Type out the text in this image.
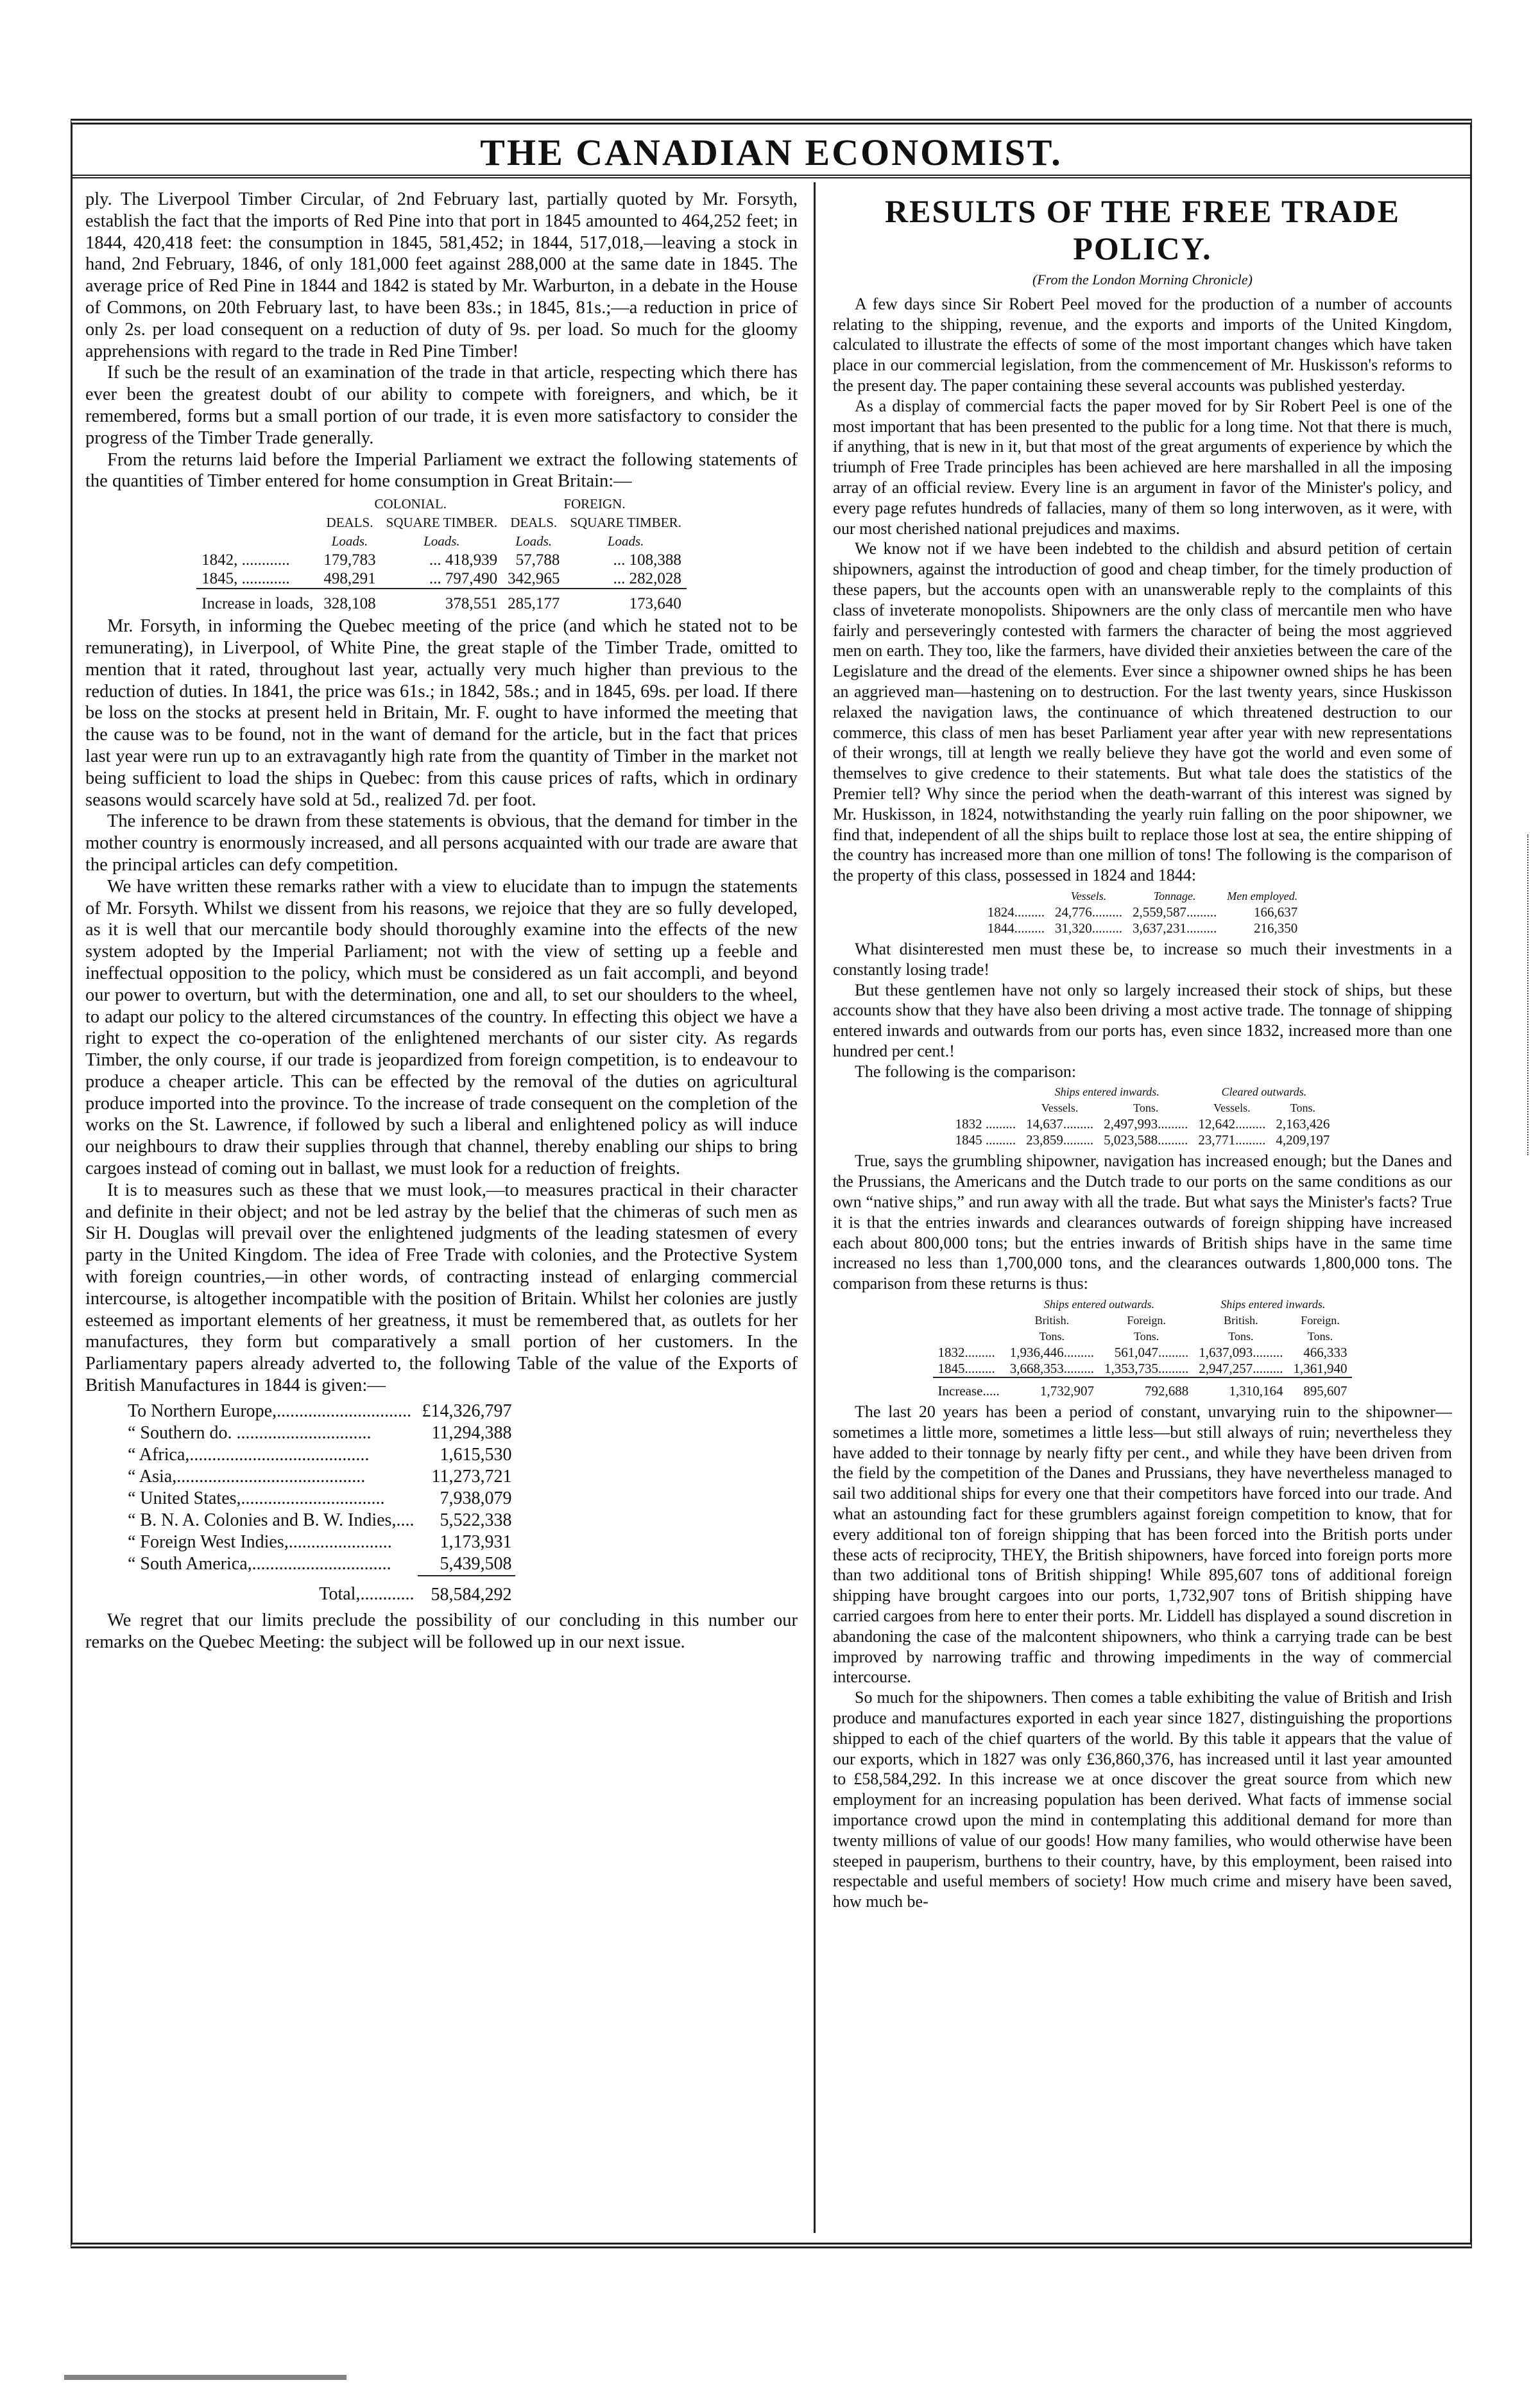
THE CANADIAN ECONOMIST.

ply. The Liverpool Timber Circular, of 2nd February last, partially quoted by Mr. Forsyth, establish the fact that the imports of Red Pine into that port in 1845 amounted to 464,252 feet; in 1844, 420,418 feet: the consumption in 1845, 581,452; in 1844, 517,018,—leaving a stock in hand, 2nd February, 1846, of only 181,000 feet against 288,000 at the same date in 1845. The average price of Red Pine in 1844 and 1842 is stated by Mr. Warburton, in a debate in the House of Commons, on 20th February last, to have been 83s.; in 1845, 81s.;—a reduction in price of only 2s. per load consequent on a reduction of duty of 9s. per load. So much for the gloomy apprehensions with regard to the trade in Red Pine Timber!

If such be the result of an examination of the trade in that article, respecting which there has ever been the greatest doubt of our ability to compete with foreigners, and which, be it remembered, forms but a small portion of our trade, it is even more satisfactory to consider the progress of the Timber Trade generally.

From the returns laid before the Imperial Parliament we extract the following statements of the quantities of Timber entered for home consumption in Great Britain:—

	COLONIAL.		FOREIGN.	
	DEALS.	SQUARE TIMBER.	DEALS.	SQUARE TIMBER.
	Loads.	Loads.	Loads.	Loads.
1842, ............	179,783	... 418,939	57,788	... 108,388
1845, ............	498,291	... 797,490	342,965	... 282,028
Increase in loads,	328,108	378,551	285,177	173,640

Mr. Forsyth, in informing the Quebec meeting of the price (and which he stated not to be remunerating), in Liverpool, of White Pine, the great staple of the Timber Trade, omitted to mention that it rated, throughout last year, actually very much higher than previous to the reduction of duties. In 1841, the price was 61s.; in 1842, 58s.; and in 1845, 69s. per load. If there be loss on the stocks at present held in Britain, Mr. F. ought to have informed the meeting that the cause was to be found, not in the want of demand for the article, but in the fact that prices last year were run up to an extravagantly high rate from the quantity of Timber in the market not being sufficient to load the ships in Quebec: from this cause prices of rafts, which in ordinary seasons would scarcely have sold at 5d., realized 7d. per foot.

The inference to be drawn from these statements is obvious, that the demand for timber in the mother country is enormously increased, and all persons acquainted with our trade are aware that the principal articles can defy competition.

We have written these remarks rather with a view to elucidate than to impugn the statements of Mr. Forsyth. Whilst we dissent from his reasons, we rejoice that they are so fully developed, as it is well that our mercantile body should thoroughly examine into the effects of the new system adopted by the Imperial Parliament; not with the view of setting up a feeble and ineffectual opposition to the policy, which must be considered as un fait accompli, and beyond our power to overturn, but with the determination, one and all, to set our shoulders to the wheel, to adapt our policy to the altered circumstances of the country. In effecting this object we have a right to expect the co-operation of the enlightened merchants of our sister city. As regards Timber, the only course, if our trade is jeopardized from foreign competition, is to endeavour to produce a cheaper article. This can be effected by the removal of the duties on agricultural produce imported into the province. To the increase of trade consequent on the completion of the works on the St. Lawrence, if followed by such a liberal and enlightened policy as will induce our neighbours to draw their supplies through that channel, thereby enabling our ships to bring cargoes instead of coming out in ballast, we must look for a reduction of freights.

It is to measures such as these that we must look,—to measures practical in their character and definite in their object; and not be led astray by the belief that the chimeras of such men as Sir H. Douglas will prevail over the enlightened judgments of the leading statesmen of every party in the United Kingdom. The idea of Free Trade with colonies, and the Protective System with foreign countries,—in other words, of contracting instead of enlarging commercial intercourse, is altogether incompatible with the position of Britain. Whilst her colonies are justly esteemed as important elements of her greatness, it must be remembered that, as outlets for her manufactures, they form but comparatively a small portion of her customers. In the Parliamentary papers already adverted to, the following Table of the value of the Exports of British Manufactures in 1844 is given:—

To Northern Europe,..............................	£14,326,797
“ Southern do. ..............................	11,294,388
“ Africa,........................................	1,615,530
“ Asia,..........................................	11,273,721
“ United States,................................	7,938,079
“ B. N. A. Colonies and B. W. Indies,....	5,522,338
“ Foreign West Indies,.......................	1,173,931
“ South America,...............................	5,439,508
Total,............	58,584,292

We regret that our limits preclude the possibility of our concluding in this number our remarks on the Quebec Meeting: the subject will be followed up in our next issue.

RESULTS OF THE FREE TRADE POLICY.
(From the London Morning Chronicle)

A few days since Sir Robert Peel moved for the production of a number of accounts relating to the shipping, revenue, and the exports and imports of the United Kingdom, calculated to illustrate the effects of some of the most important changes which have taken place in our commercial legislation, from the commencement of Mr. Huskisson's reforms to the present day. The paper containing these several accounts was published yesterday.

As a display of commercial facts the paper moved for by Sir Robert Peel is one of the most important that has been presented to the public for a long time. Not that there is much, if anything, that is new in it, but that most of the great arguments of experience by which the triumph of Free Trade principles has been achieved are here marshalled in all the imposing array of an official review. Every line is an argument in favor of the Minister's policy, and every page refutes hundreds of fallacies, many of them so long interwoven, as it were, with our most cherished national prejudices and maxims.

We know not if we have been indebted to the childish and absurd petition of certain shipowners, against the introduction of good and cheap timber, for the timely production of these papers, but the accounts open with an unanswerable reply to the complaints of this class of inveterate monopolists. Shipowners are the only class of mercantile men who have fairly and perseveringly contested with farmers the character of being the most aggrieved men on earth. They too, like the farmers, have divided their anxieties between the care of the Legislature and the dread of the elements. Ever since a shipowner owned ships he has been an aggrieved man—hastening on to destruction. For the last twenty years, since Huskisson relaxed the navigation laws, the continuance of which threatened destruction to our commerce, this class of men has beset Parliament year after year with new representations of their wrongs, till at length we really believe they have got the world and even some of themselves to give credence to their statements. But what tale does the statistics of the Premier tell? Why since the period when the death-warrant of this interest was signed by Mr. Huskisson, in 1824, notwithstanding the yearly ruin falling on the poor shipowner, we find that, independent of all the ships built to replace those lost at sea, the entire shipping of the country has increased more than one million of tons! The following is the comparison of the property of this class, possessed in 1824 and 1844:

	Vessels.	Tonnage.	Men employed.
1824.........	24,776.........	2,559,587.........	166,637
1844.........	31,320.........	3,637,231.........	216,350

What disinterested men must these be, to increase so much their investments in a constantly losing trade!

But these gentlemen have not only so largely increased their stock of ships, but these accounts show that they have also been driving a most active trade. The tonnage of shipping entered inwards and outwards from our ports has, even since 1832, increased more than one hundred per cent.!

The following is the comparison:

	Ships entered inwards.		Cleared outwards.	
	Vessels.	Tons.	Vessels.	Tons.
1832 .........	14,637.........	2,497,993.........	12,642.........	2,163,426
1845 .........	23,859.........	5,023,588.........	23,771.........	4,209,197

True, says the grumbling shipowner, navigation has increased enough; but the Danes and the Prussians, the Americans and the Dutch trade to our ports on the same conditions as our own “native ships,” and run away with all the trade. But what says the Minister's facts? True it is that the entries inwards and clearances outwards of foreign shipping have increased each about 800,000 tons; but the entries inwards of British ships have in the same time increased no less than 1,700,000 tons, and the clearances outwards 1,800,000 tons. The comparison from these returns is thus:

	Ships entered outwards.		Ships entered inwards.	
	British.	Foreign.	British.	Foreign.
	Tons.	Tons.	Tons.	Tons.
1832.........	1,936,446.........	561,047.........	1,637,093.........	466,333
1845.........	3,668,353.........	1,353,735.........	2,947,257.........	1,361,940
Increase.....	1,732,907	792,688	1,310,164	895,607

The last 20 years has been a period of constant, unvarying ruin to the shipowner—sometimes a little more, sometimes a little less—but still always of ruin; nevertheless they have added to their tonnage by nearly fifty per cent., and while they have been driven from the field by the competition of the Danes and Prussians, they have nevertheless managed to sail two additional ships for every one that their competitors have forced into our trade. And what an astounding fact for these grumblers against foreign competition to know, that for every additional ton of foreign shipping that has been forced into the British ports under these acts of reciprocity, THEY, the British shipowners, have forced into foreign ports more than two additional tons of British shipping! While 895,607 tons of additional foreign shipping have brought cargoes into our ports, 1,732,907 tons of British shipping have carried cargoes from here to enter their ports. Mr. Liddell has displayed a sound discretion in abandoning the case of the malcontent shipowners, who think a carrying trade can be best improved by narrowing traffic and throwing impediments in the way of commercial intercourse.

So much for the shipowners. Then comes a table exhibiting the value of British and Irish produce and manufactures exported in each year since 1827, distinguishing the proportions shipped to each of the chief quarters of the world. By this table it appears that the value of our exports, which in 1827 was only £36,860,376, has increased until it last year amounted to £58,584,292. In this increase we at once discover the great source from which new employment for an increasing population has been derived. What facts of immense social importance crowd upon the mind in contemplating this additional demand for more than twenty millions of value of our goods! How many families, who would otherwise have been steeped in pauperism, burthens to their country, have, by this employment, been raised into respectable and useful members of society! How much crime and misery have been saved, how much be-
